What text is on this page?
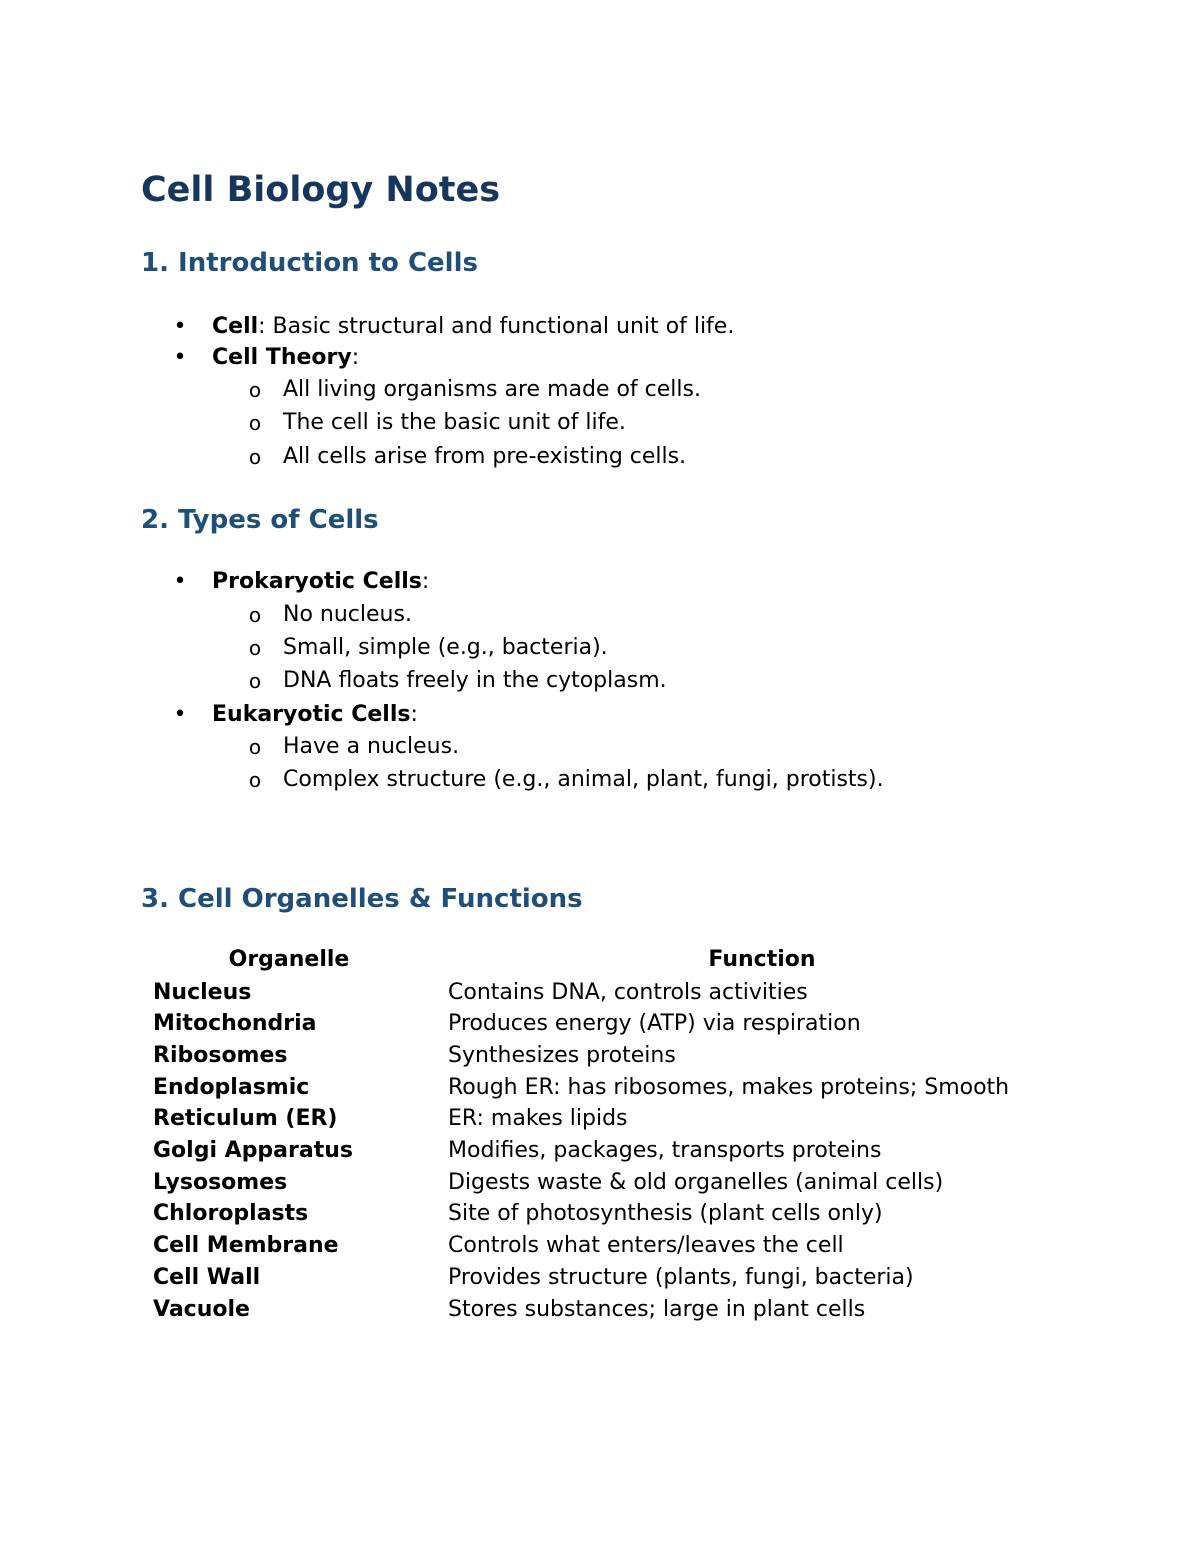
Cell Biology Notes
1. Introduction to Cells
• Cell: Basic structural and functional unit of life.
• Cell Theory:
o All living organisms are made of cells.
o The cell is the basic unit of life.
o All cells arise from pre-existing cells.
2. Types of Cells
• Prokaryotic Cells:
o No nucleus.
o Small, simple (e.g., bacteria).
o DNA floats freely in the cytoplasm.
• Eukaryotic Cells:
o Have a nucleus.
o Complex structure (e.g., animal, plant, fungi, protists).
3. Cell Organelles & Functions
Organelle	Function
Nucleus	Contains DNA, controls activities
Mitochondria	Produces energy (ATP) via respiration
Ribosomes	Synthesizes proteins
Endoplasmic	Rough ER: has ribosomes, makes proteins; Smooth
Reticulum (ER)	ER: makes lipids
Golgi Apparatus	Modifies, packages, transports proteins
Lysosomes	Digests waste & old organelles (animal cells)
Chloroplasts	Site of photosynthesis (plant cells only)
Cell Membrane	Controls what enters/leaves the cell
Cell Wall	Provides structure (plants, fungi, bacteria)
Vacuole	Stores substances; large in plant cells
